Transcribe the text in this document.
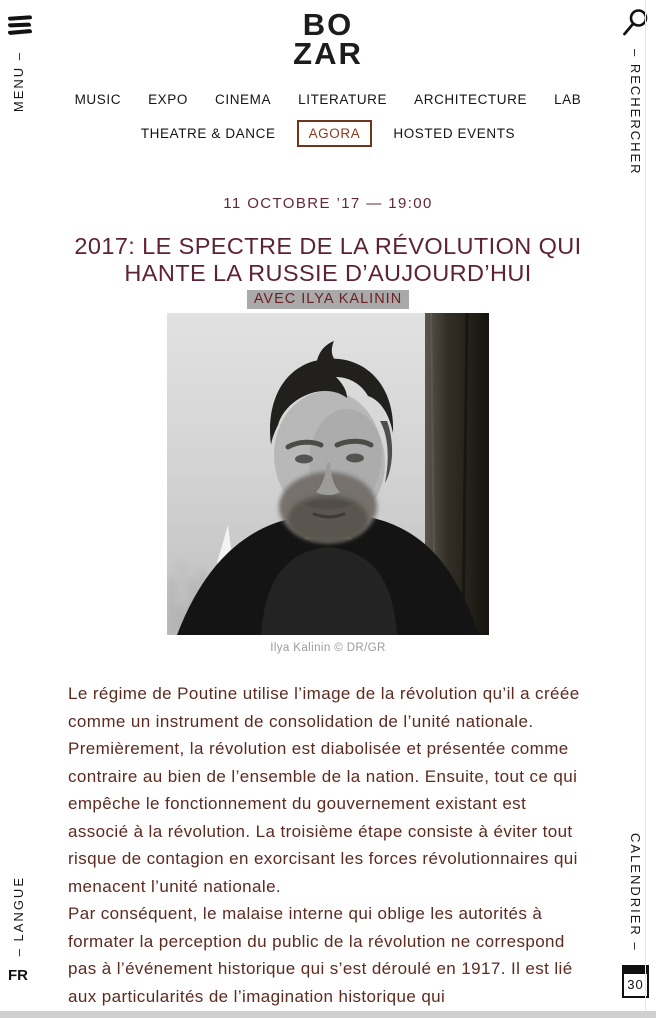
MENU –
BO
ZAR	– RECHERCHER
MUSIC EXPO CINEMA LITERATURE ARCHITECTURE LAB
THEATRE & DANCE	AGORA	HOSTED EVENTS
11 OCTOBRE ’17 — 19:00
2017: LE SPECTRE DE LA RÉVOLUTION QUI HANTE LA RUSSIE D’AUJOURD’HUI
AVEC ILYA KALININ
Ilya Kalinin © DR/GR

Le régime de Poutine utilise l’image de la révolution qu’il a créée comme un instrument de consolidation de l’unité nationale. Premièrement, la révolution est diabolisée et présentée comme contraire au bien de l’ensemble de la nation. Ensuite, tout ce qui empêche le fonctionnement du gouvernement existant est associé à la révolution. La troisième étape consiste à éviter tout risque de contagion en exorcisant les forces révolutionnaires qui menacent l’unité nationale.

Par conséquent, le malaise interne qui oblige les autorités à formater la perception du public de la révolution ne correspond pas à l’événement historique qui s’est déroulé en 1917. Il est lié aux particularités de l’imagination historique qui

– LANGUE
FR
CALENDRIER –
30
